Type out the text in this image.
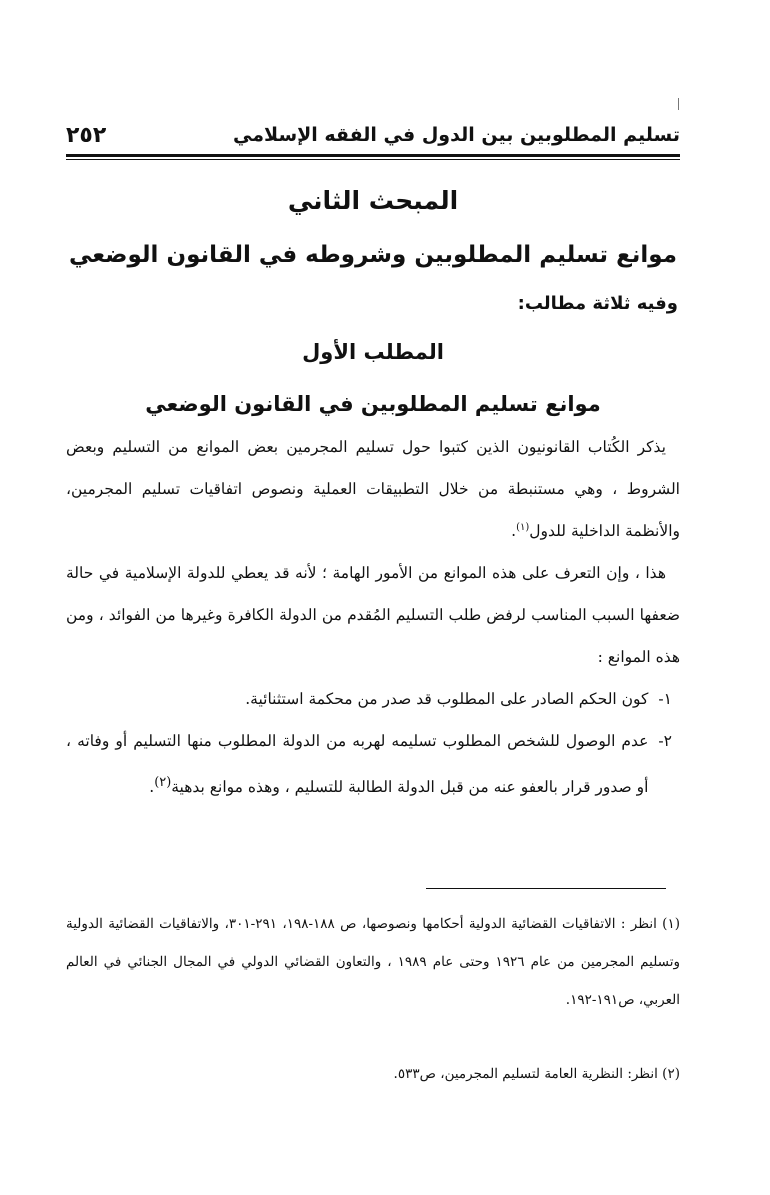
تسليم المطلوبين بين الدول في الفقه الإسلامي
٢٥٢
المبحث الثاني
موانع تسليم المطلوبين وشروطه في القانون الوضعي

وفيه ثلاثة مطالب:

المطلب الأول
موانع تسليم المطلوبين في القانون الوضعي

يذكر الكُتاب القانونيون الذين كتبوا حول تسليم المجرمين بعض الموانع من التسليم وبعض الشروط ، وهي مستنبطة من خلال التطبيقات العملية ونصوص اتفاقيات تسليم المجرمين، والأنظمة الداخلية للدول$^{(١)}$.

هذا ، وإن التعرف على هذه الموانع من الأمور الهامة ؛ لأنه قد يعطي للدولة الإسلامية في حالة ضعفها السبب المناسب لرفض طلب التسليم المُقدم من الدولة الكافرة وغيرها من الفوائد ، ومن هذه الموانع :

١-
كون الحكم الصادر على المطلوب قد صدر من محكمة استثنائية.
٢-
عدم الوصول للشخص المطلوب تسليمه لهربه من الدولة المطلوب منها التسليم أو وفاته ، أو صدور قرار بالعفو عنه من قبل الدولة الطالبة للتسليم ، وهذه موانع بدهية$^{(٢)}$.

(١) انظر : الاتفاقيات القضائية الدولية أحكامها ونصوصها، ص ١٨٨-١٩٨، ٢٩١-٣٠١، والاتفاقيات القضائية الدولية وتسليم المجرمين من عام ١٩٢٦ وحتى عام ١٩٨٩ ، والتعاون القضائي الدولي في المجال الجنائي في العالم العربي، ص١٩١-١٩٢.

(٢) انظر: النظرية العامة لتسليم المجرمين، ص٥٣٣.
